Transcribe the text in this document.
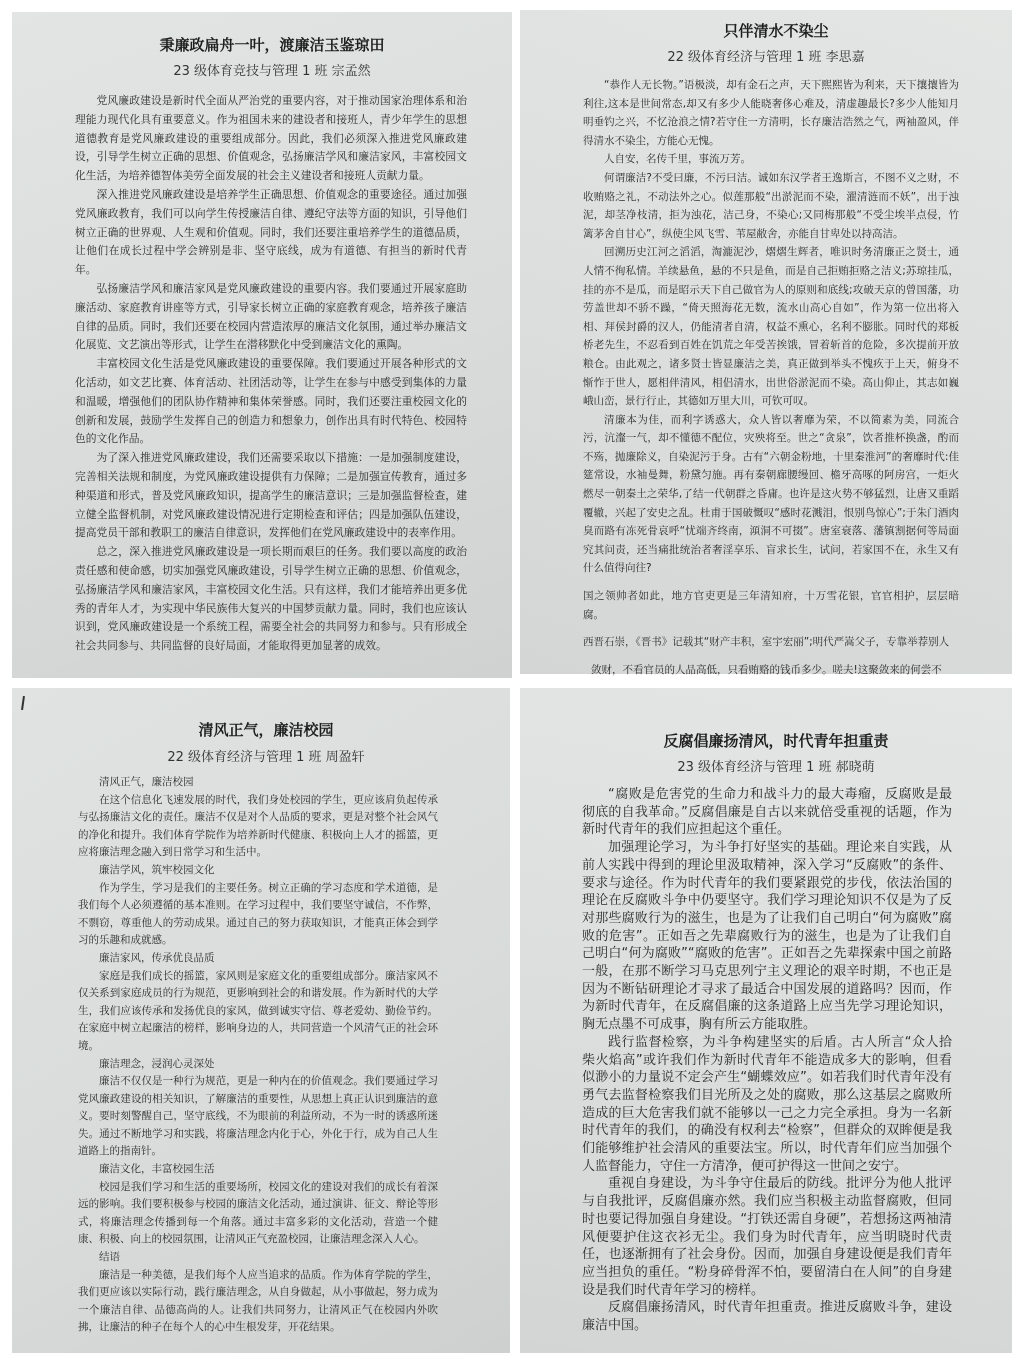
秉廉政扁舟一叶，渡廉洁玉鉴琼田
23 级体育竞技与管理 1 班 宗孟然

党风廉政建设是新时代全面从严治党的重要内容，对于推动国家治理体系和治理能力现代化具有重要意义。作为祖国未来的建设者和接班人，青少年学生的思想道德教育是党风廉政建设的重要组成部分。因此，我们必须深入推进党风廉政建设，引导学生树立正确的思想、价值观念，弘扬廉洁学风和廉洁家风，丰富校园文化生活，为培养德智体美劳全面发展的社会主义建设者和接班人贡献力量。

深入推进党风廉政建设是培养学生正确思想、价值观念的重要途径。通过加强党风廉政教育，我们可以向学生传授廉洁自律、遵纪守法等方面的知识，引导他们树立正确的世界观、人生观和价值观。同时，我们还要注重培养学生的道德品质，让他们在成长过程中学会辨别是非、坚守底线，成为有道德、有担当的新时代青年。

弘扬廉洁学风和廉洁家风是党风廉政建设的重要内容。我们要通过开展家庭助廉活动、家庭教育讲座等方式，引导家长树立正确的家庭教育观念，培养孩子廉洁自律的品质。同时，我们还要在校园内营造浓厚的廉洁文化氛围，通过举办廉洁文化展览、文艺演出等形式，让学生在潜移默化中受到廉洁文化的熏陶。

丰富校园文化生活是党风廉政建设的重要保障。我们要通过开展各种形式的文化活动，如文艺比赛、体育活动、社团活动等，让学生在参与中感受到集体的力量和温暖，增强他们的团队协作精神和集体荣誉感。同时，我们还要注重校园文化的创新和发展，鼓励学生发挥自己的创造力和想象力，创作出具有时代特色、校园特色的文化作品。

为了深入推进党风廉政建设，我们还需要采取以下措施：一是加强制度建设，完善相关法规和制度，为党风廉政建设提供有力保障；二是加强宣传教育，通过多种渠道和形式，普及党风廉政知识，提高学生的廉洁意识；三是加强监督检查，建立健全监督机制，对党风廉政建设情况进行定期检查和评估；四是加强队伍建设，提高党员干部和教职工的廉洁自律意识，发挥他们在党风廉政建设中的表率作用。

总之，深入推进党风廉政建设是一项长期而艰巨的任务。我们要以高度的政治责任感和使命感，切实加强党风廉政建设，引导学生树立正确的思想、价值观念，弘扬廉洁学风和廉洁家风，丰富校园文化生活。只有这样，我们才能培养出更多优秀的青年人才，为实现中华民族伟大复兴的中国梦贡献力量。同时，我们也应该认识到，党风廉政建设是一个系统工程，需要全社会的共同努力和参与。只有形成全社会共同参与、共同监督的良好局面，才能取得更加显著的成效。

只伴清水不染尘
22 级体育经济与管理 1 班 李思嘉

“恭作人无长物。”语极淡，却有金石之声，天下熙熙皆为利来，天下攘攘皆为利往,这本是世间常态,却又有多少人能晓奢侈心难及，清虚趣最长?多少人能知月明垂钓之兴，不忆沧浪之情?若守住一方清明，长存廉洁浩然之气，两袖盈风，伴得清水不染尘，方能心无愧。

人自安，名传千里，事流万芳。

何谓廉洁?不受曰廉，不污曰洁。诚如东汉学者王逸斯言，不图不义之财，不收贿赂之礼，不动法外之心。似莲那般“出淤泥而不染，濯清涟而不妖”，出于浊泥，却茎净枝清，拒为浊花，洁己身，不染心;又同梅那般“不受尘埃半点侵，竹篱茅舍自甘心”，纵使尘风飞雪、苇屋敝舍，亦能自甘卑处以持高洁。

回溯历史江河之滔滔，淘漉泥沙，熠熠生辉者，唯识时务清廉正之贤士，通人情不徇私情。羊续悬鱼，悬的不只是鱼，而是自己拒贿拒赂之洁义;苏琼挂瓜，挂的亦不是瓜，而是昭示天下自己做官为人的原则和底线;攻破天京的曾国藩，功劳盖世却不骄不躁，“倚天照海花无数，流水山高心自如”，作为第一位出将入相、拜侯封爵的汉人，仍能清者自清，权益不熏心，名利不膨胀。同时代的郑板桥老先生，不忍看到百姓在饥荒之年受苦挨饿，冒着斩首的危险，多次提前开放粮仓。由此观之，诸多贤士皆显廉洁之美，真正做到举头不愧疚于上天，俯身不惭怍于世人，愿相伴清风，相侣清水，出世俗淤泥而不染。高山仰止，其志如巍峨山峦，景行行止，其德如万里大川，可钦可叹。

清廉本为佳，而利字诱惑大，众人皆以奢靡为荣，不以简素为美，同流合污，沆瀣一气，却不懂德不配位，灾殃将至。世之“贪泉”，饮者推杯换盏，酌而不殇，抛廉除义，自染泥污于身。古有“六朝金粉地，十里秦淮河”的奢靡时代:佳筵常设，水袖曼舞，粉黛匀施。再有秦朝廊腰缦回、檐牙高啄的阿房宫，一炬火燃尽一朝秦土之荣华,了结一代朝群之昏庸。也许是这火势不够猛烈，让唐又重蹈覆辙，兴起了安史之乱。杜甫于国破慨叹“感时花溅泪，恨别鸟惊心”;于朱门酒肉臭而路有冻死骨哀呼“忧端齐终南，澒洞不可掇”。唐室衰落、藩镇割据何等局面究其问责，还当痛批统治者奢淫享乐、盲求长生，试问，若家国不在，永生又有什么值得向往?

国之领帅者如此，地方官吏更是三年清知府，十万雪花银，官官相护，层层暗腐。

西晋石崇，《晋书》记载其“财产丰积，室宇宏丽”;明代严嵩父子，专靠举荐别人

敛财，不看官员的人品高低，只看贿赂的钱币多少。嗟夫!这聚敛来的何尝不

清风正气，廉洁校园
22 级体育经济与管理 1 班 周盈轩

清风正气，廉洁校园

在这个信息化飞速发展的时代，我们身处校园的学生，更应该肩负起传承与弘扬廉洁文化的责任。廉洁不仅是对个人品质的要求，更是对整个社会风气的净化和提升。我们体育学院作为培养新时代健康、积极向上人才的摇篮，更应将廉洁理念融入到日常学习和生活中。

廉洁学风，筑牢校园文化

作为学生，学习是我们的主要任务。树立正确的学习态度和学术道德，是我们每个人必须遵循的基本准则。在学习过程中，我们要坚守诚信，不作弊，不剽窃，尊重他人的劳动成果。通过自己的努力获取知识，才能真正体会到学习的乐趣和成就感。

廉洁家风，传承优良品质

家庭是我们成长的摇篮，家风则是家庭文化的重要组成部分。廉洁家风不仅关系到家庭成员的行为规范，更影响到社会的和谐发展。作为新时代的大学生，我们应该传承和发扬优良的家风，做到诚实守信、尊老爱幼、勤俭节约。在家庭中树立起廉洁的榜样，影响身边的人，共同营造一个风清气正的社会环境。

廉洁理念，浸润心灵深处

廉洁不仅仅是一种行为规范，更是一种内在的价值观念。我们要通过学习党风廉政建设的相关知识，了解廉洁的重要性，从思想上真正认识到廉洁的意义。要时刻警醒自己，坚守底线，不为眼前的利益所动，不为一时的诱惑所迷失。通过不断地学习和实践，将廉洁理念内化于心，外化于行，成为自己人生道路上的指南针。

廉洁文化，丰富校园生活

校园是我们学习和生活的重要场所，校园文化的建设对我们的成长有着深远的影响。我们要积极参与校园的廉洁文化活动，通过演讲、征文、辩论等形式，将廉洁理念传播到每一个角落。通过丰富多彩的文化活动，营造一个健康、积极、向上的校园氛围，让清风正气充盈校园，让廉洁理念深入人心。

结语

廉洁是一种美德，是我们每个人应当追求的品质。作为体育学院的学生，我们更应该以实际行动，践行廉洁理念，从自身做起，从小事做起，努力成为一个廉洁自律、品德高尚的人。让我们共同努力，让清风正气在校园内外吹拂，让廉洁的种子在每个人的心中生根发芽，开花结果。

反腐倡廉扬清风，时代青年担重责
23 级体育经济与管理 1 班 郝晓萌

“腐败是危害党的生命力和战斗力的最大毒瘤，反腐败是最彻底的自我革命。”反腐倡廉是自古以来就倍受重视的话题，作为新时代青年的我们应担起这个重任。

加强理论学习，为斗争打好坚实的基础。理论来自实践，从前人实践中得到的理论里汲取精神，深入学习“反腐败”的条件、要求与途径。作为时代青年的我们要紧跟党的步伐，依法治国的理论在反腐败斗争中仍要坚守。我们学习理论知识不仅是为了反对那些腐败行为的滋生，也是为了让我们自己明白“何为腐败”腐败的危害”。正如吾之先辈腐败行为的滋生，也是为了让我们自己明白“何为腐败”“腐败的危害”。正如吾之先辈探索中国之前路一般，在那不断学习马克思列宁主义理论的艰辛时期，不也正是因为不断钻研理论才寻求了最适合中国发展的道路吗？因而，作为新时代青年，在反腐倡廉的这条道路上应当先学习理论知识，胸无点墨不可成事，胸有所云方能取胜。

践行监督检察，为斗争构建坚实的后盾。古人所言“众人拾柴火焰高”或许我们作为新时代青年不能造成多大的影响，但看似渺小的力量说不定会产生“蝴蝶效应”。如若我们时代青年没有勇气去监督检察我们目光所及之处的腐败，那么这基层之腐败所造成的巨大危害我们就不能够以一己之力完全承担。身为一名新时代青年的我们，的确没有权利去“检察”，但群众的双眸便是我们能够维护社会清风的重要法宝。所以，时代青年们应当加强个人监督能力，守住一方清净，便可护得这一世间之安宁。

重视自身建设，为斗争守住最后的防线。批评分为他人批评与自我批评，反腐倡廉亦然。我们应当积极主动监督腐败，但同时也要记得加强自身建设。“打铁还需自身硬”，若想扬这两袖清风便要护住这衣衫无尘。我们身为时代青年，应当明晓时代责任，也逐渐拥有了社会身份。因而，加强自身建设便是我们青年应当担负的重任。“粉身碎骨浑不怕，要留清白在人间”的自身建设是我们时代青年学习的榜样。

反腐倡廉扬清风，时代青年担重责。推进反腐败斗争，建设廉洁中国。
